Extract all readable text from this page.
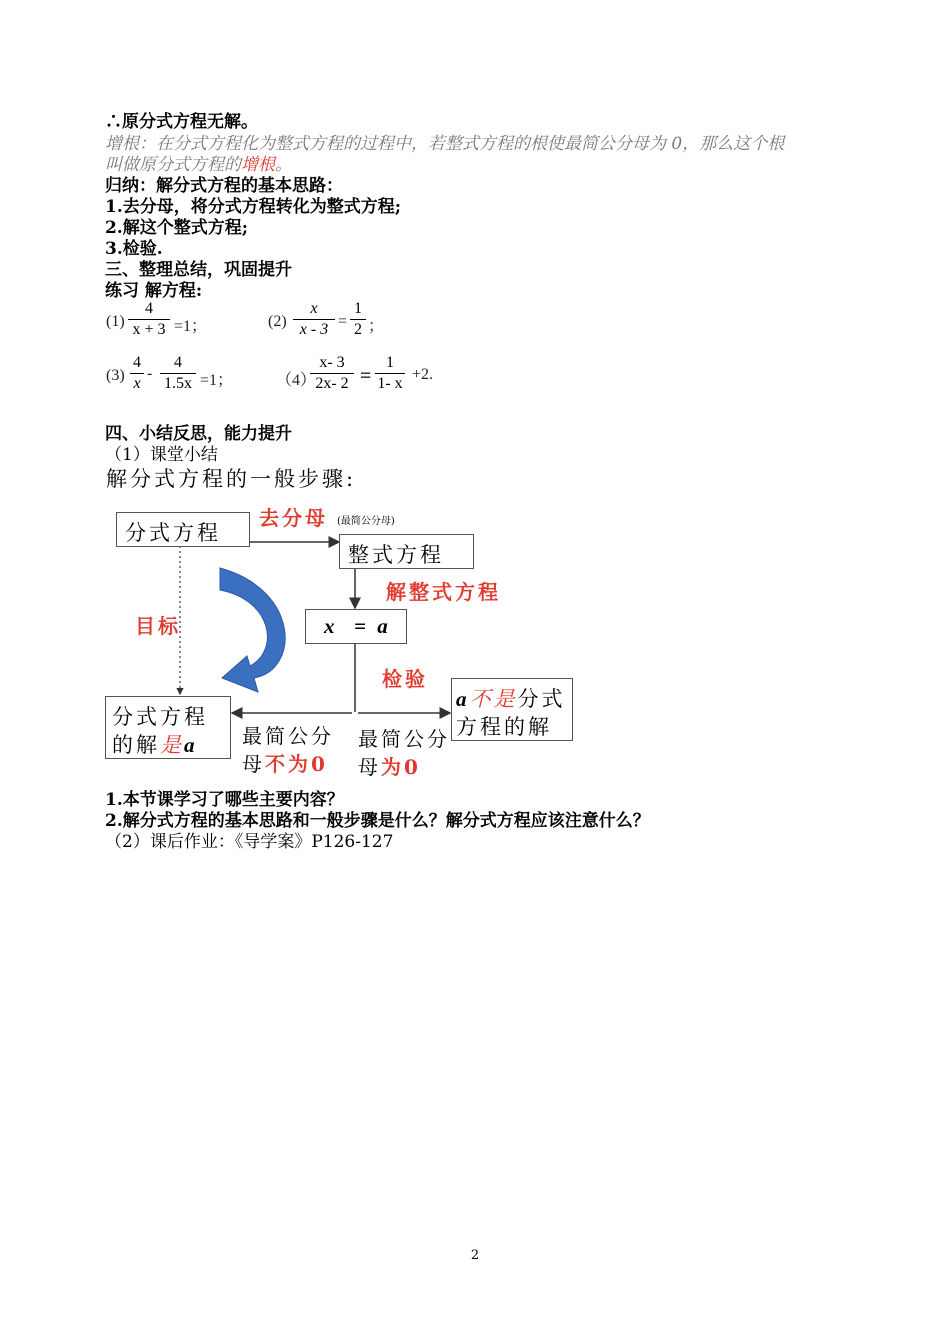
∴原分式方程无解。
增根：在分式方程化为整式方程的过程中，若整式方程的根使最简公分母为 0，那么这个根
叫做原分式方程的增根。
归纳：解分式方程的基本思路：
1.去分母，将分式方程转化为整式方程;
2.解这个整式方程;
3.检验.
三、整理总结，巩固提升
练习 解方程:
(1)
4
x + 3 =1；	(2)
x
x - 3 =
1
2 ；
(3)
4
x
-
4
1.5x =1；	（4）
x- 3
2x- 2 =
1
1- x
+2.
四、小结反思，能力提升
（1）课堂小结
解分式方程的一般步骤:
分式方程
去分母 (最简公分母)
整式方程
解整式方程
x  = a
目标
检验
分式方程
的解是a
a不是分式
方程的解
最简公分
母不为0
最简公分
母为0
1.本节课学习了哪些主要内容？
2.解分式方程的基本思路和一般步骤是什么？解分式方程应该注意什么？
（2）课后作业：《导学案》P126-127
2
